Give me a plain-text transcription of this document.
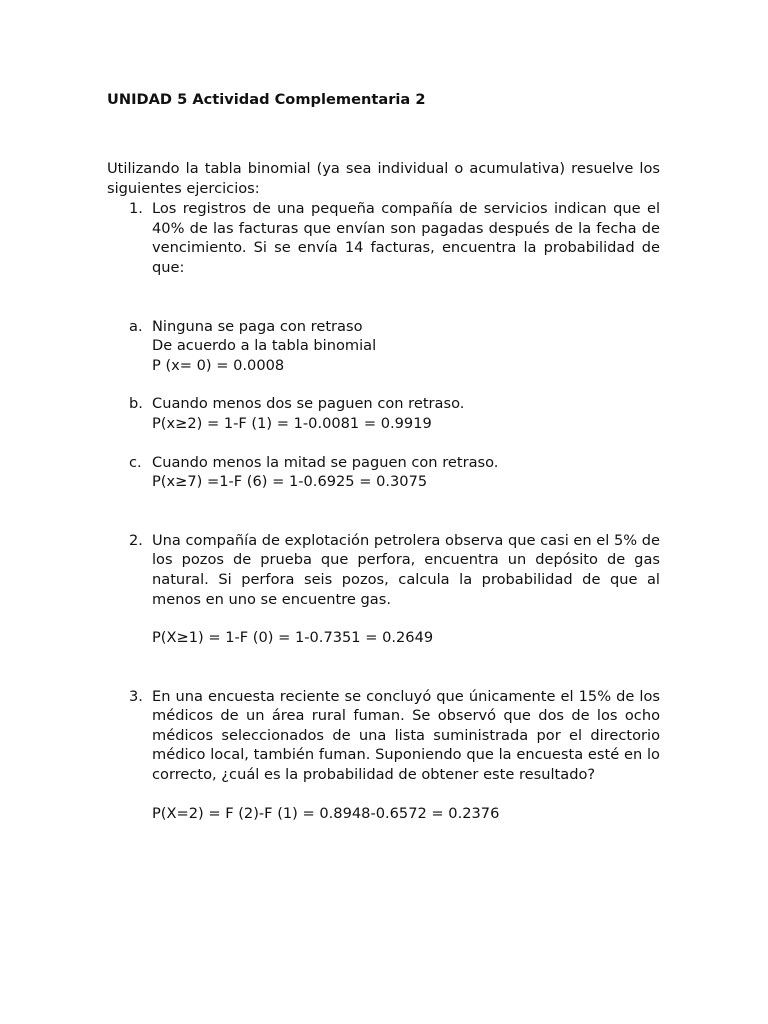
UNIDAD 5 Actividad Complementaria 2

Utilizando la tabla binomial (ya sea individual o acumulativa) resuelve los siguientes ejercicios:
1. Los registros de una pequeña compañía de servicios indican que el 40% de las facturas que envían son pagadas después de la fecha de vencimiento. Si se envía 14 facturas, encuentra la probabilidad de que:
a. Ninguna se paga con retraso
De acuerdo a la tabla binomial
P (x= 0) = 0.0008
b. Cuando menos dos se paguen con retraso.
P(x≥2) = 1-F (1) = 1-0.0081 = 0.9919
c. Cuando menos la mitad se paguen con retraso.
P(x≥7) =1-F (6) = 1-0.6925 = 0.3075
2. Una compañía de explotación petrolera observa que casi en el 5% de los pozos de prueba que perfora, encuentra un depósito de gas natural. Si perfora seis pozos, calcula la probabilidad de que al menos en uno se encuentre gas.
P(X≥1) = 1-F (0) = 1-0.7351 = 0.2649
3. En una encuesta reciente se concluyó que únicamente el 15% de los médicos de un área rural fuman. Se observó que dos de los ocho médicos seleccionados de una lista suministrada por el directorio médico local, también fuman. Suponiendo que la encuesta esté en lo correcto, ¿cuál es la probabilidad de obtener este resultado?
P(X=2) = F (2)-F (1) = 0.8948-0.6572 = 0.2376
